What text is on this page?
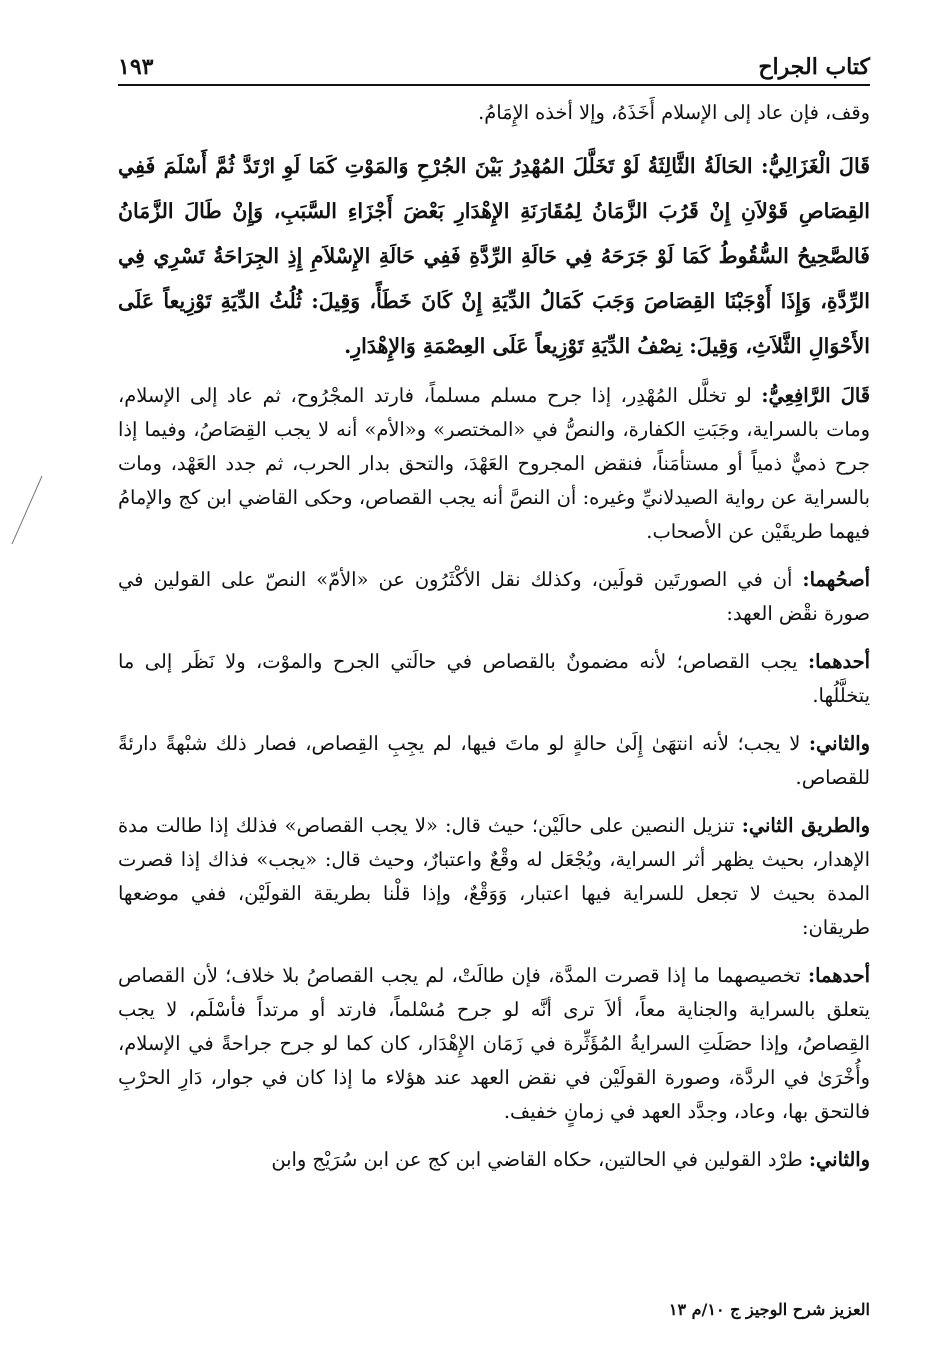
كتاب الجراح
١٩٣

وقف، فإن عاد إلى الإسلام أَخَذَهُ، وإلا أخذه الإِمَامُ.

قَالَ الْغَزَالِيُّ: الحَالَةُ الثَّالِثَةُ لَوْ تَخَلَّلَ المُهْدِرُ بَيْنَ الجُرْحِ وَالمَوْتِ كَمَا لَوِ ارْتَدَّ ثُمَّ أَسْلَمَ فَفِي القِصَاصِ قَوْلاَنِ إِنْ قَرُبَ الزَّمَانُ لِمُقَارَنَةِ الإِهْدَارِ بَعْضَ أَجْزَاءِ السَّبَبِ، وَإِنْ طَالَ الزَّمَانُ فَالصَّحِيحُ السُّقُوطُ كَمَا لَوْ جَرَحَهُ فِي حَالَةِ الرِّدَّةِ فَفِي حَالَةِ الإِسْلاَمِ إِذِ الجِرَاحَةُ تَسْرِي فِي الرِّدَّةِ، وَإِذَا أَوْجَبْنَا القِصَاصَ وَجَبَ كَمَالُ الدِّيَةِ إِنْ كَانَ خَطَأً، وَقِيلَ: ثُلُثُ الدِّيَةِ تَوْزِيعاً عَلَى الأَحْوَالِ الثَّلاَثِ، وَقِيلَ: نِصْفُ الدِّيَةِ تَوْزِيعاً عَلَى العِصْمَةِ وَالإِهْدَارِ.

قَالَ الرَّافِعِيُّ: لو تخلَّل المُهْدِر، إذا جرح مسلم مسلماً، فارتد المجْرُوح، ثم عاد إلى الإسلام، ومات بالسراية، وجَبَتِ الكفارة، والنصُّ في «المختصر» و«الأم» أنه لا يجب القِصَاصُ، وفيما إذا جرح ذميٌّ ذمياً أو مستأمَناً، فنقض المجروح العَهْدَ، والتحق بدار الحرب، ثم جدد العَهْد، ومات بالسراية عن رواية الصيدلانيِّ وغيره: أن النصَّ أنه يجب القصاص، وحكى القاضي ابن كج والإمامُ فيهما طريقَيْن عن الأصحاب.

أصحُهما: أن في الصورتَين قولَين، وكذلك نقل الأكْثَرُون عن «الأمّ» النصّ على القولين في صورة نقْض العهد:

أحدهما: يجب القصاص؛ لأنه مضمونٌ بالقصاص في حالَتي الجرح والموْت، ولا نَظَر إلى ما يتخلَّلُها.

والثاني: لا يجب؛ لأنه انتهَىٰ إِلَىٰ حالةٍ لو ماتَ فيها، لم يجِبِ القِصاص، فصار ذلك شبْهةً دارئةً للقصاص.

والطريق الثاني: تنزيل النصين على حالَيْن؛ حيث قال: «لا يجب القصاص» فذلك إذا طالت مدة الإهدار، بحيث يظهر أثر السراية، ويُجْعَل له وقْعٌ واعتبارٌ، وحيث قال: «يجب» فذاك إذا قصرت المدة بحيث لا تجعل للسراية فيها اعتبار، وَوَقْعٌ، وإذا قلْنا بطريقة القولَيْن، ففي موضعها طريقان:

أحدهما: تخصيصهما ما إذا قصرت المدَّة، فإن طالَتْ، لم يجب القصاصُ بلا خلاف؛ لأن القصاص يتعلق بالسراية والجناية معاً، ألاَ ترى أنَّه لو جرح مُسْلماً، فارتد أو مرتداً فأسْلَم، لا يجب القِصاصُ، وإذا حصَلَتِ السرايةُ المُؤَثِّرة في زَمَان الإِهْدَار، كان كما لو جرح جراحةً في الإسلام، وأُخْرَىٰ في الردَّة، وصورة القولَيْن في نقض العهد عند هؤلاء ما إذا كان في جوار، دَارِ الحرْبِ فالتحق بها، وعاد، وجدَّد العهد في زمانٍ خفيف.

والثاني: طرْد القولين في الحالتين، حكاه القاضي ابن كج عن ابن سُرَيْج وابن

العزيز شرح الوجيز ج ١٠/م ١٣
